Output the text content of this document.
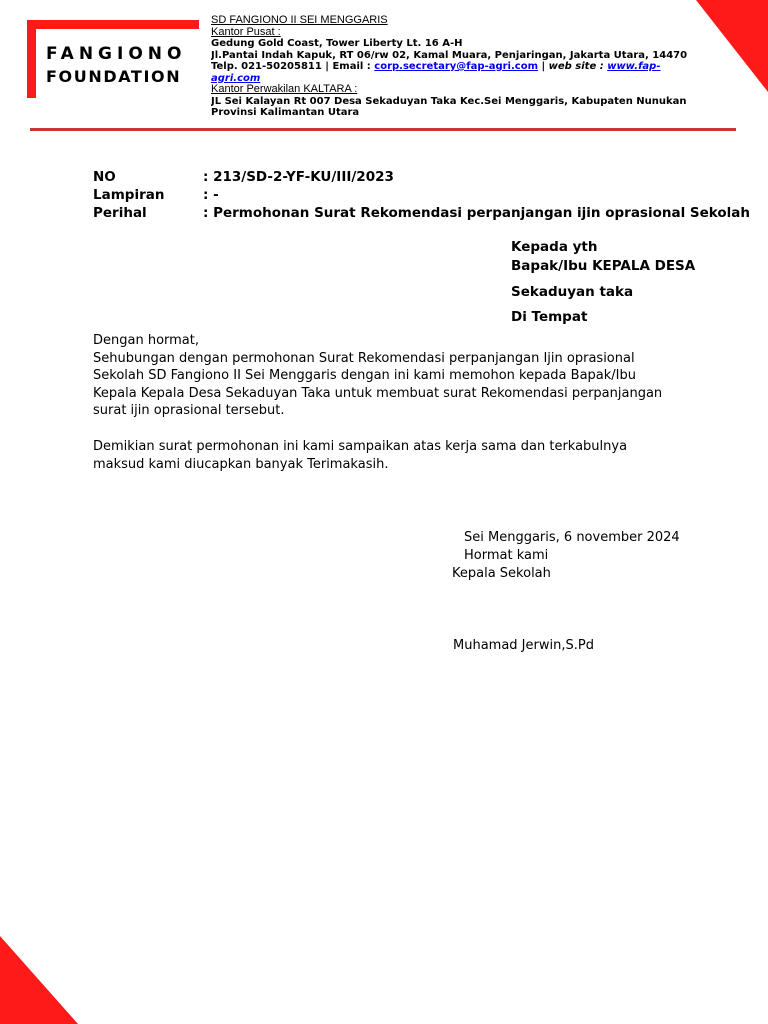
FANGIONO
FOUNDATION
SD FANGIONO II SEI MENGGARIS
Kantor Pusat :
Gedung Gold Coast, Tower Liberty Lt. 16 A-H
Jl.Pantai Indah Kapuk, RT 06/rw 02, Kamal Muara, Penjaringan, Jakarta Utara, 14470
Telp. 021-50205811 | Email : corp.secretary@fap-agri.com | web site : www.fap-
agri.com
Kantor Perwakilan KALTARA :
JL Sei Kalayan Rt 007 Desa Sekaduyan Taka Kec.Sei Menggaris, Kabupaten Nunukan
Provinsi Kalimantan Utara
NO	: 213/SD-2-YF-KU/III/2023
Lampiran	: -
Perihal	: Permohonan Surat Rekomendasi perpanjangan ijin oprasional Sekolah
Kepada yth
Bapak/Ibu KEPALA DESA
Sekaduyan taka
Di Tempat

Dengan hormat,

Sehubungan dengan permohonan Surat Rekomendasi perpanjangan Ijin oprasional Sekolah SD Fangiono II Sei Menggaris dengan ini kami memohon kepada Bapak/Ibu Kepala Kepala Desa Sekaduyan Taka untuk membuat surat Rekomendasi perpanjangan surat ijin oprasional tersebut.

Demikian surat permohonan ini kami sampaikan atas kerja sama dan terkabulnya maksud kami diucapkan banyak Terimakasih.

Sei Menggaris, 6 november 2024
Hormat kami
Kepala Sekolah
Muhamad Jerwin,S.Pd
